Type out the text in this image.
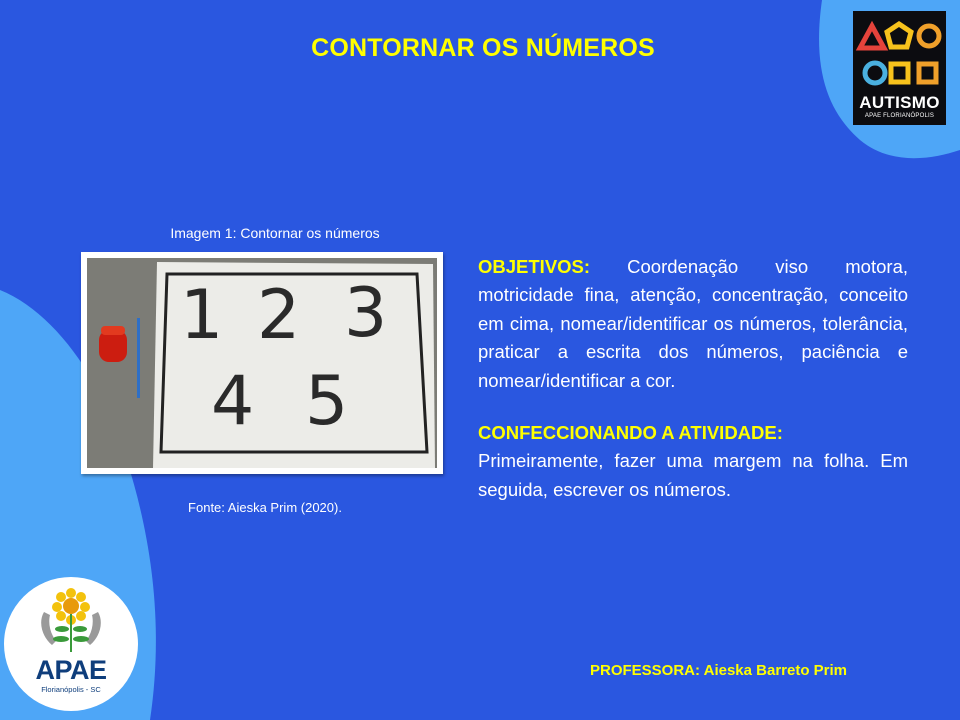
CONTORNAR OS NÚMEROS
AUTISMO
APAE FLORIANÓPOLIS
Imagem 1: Contornar os números
1 2 3
4 5
Fonte: Aieska Prim (2020).
OBJETIVOS: Coordenação viso motora, motricidade fina, atenção, concentração, conceito em cima, nomear/identificar os números, tolerância, praticar a escrita dos números, paciência e nomear/identificar a cor.
CONFECCIONANDO A ATIVIDADE:
Primeiramente, fazer uma margem na folha. Em seguida, escrever os números.
PROFESSORA: Aieska Barreto Prim
APAE
Florianópolis - SC
